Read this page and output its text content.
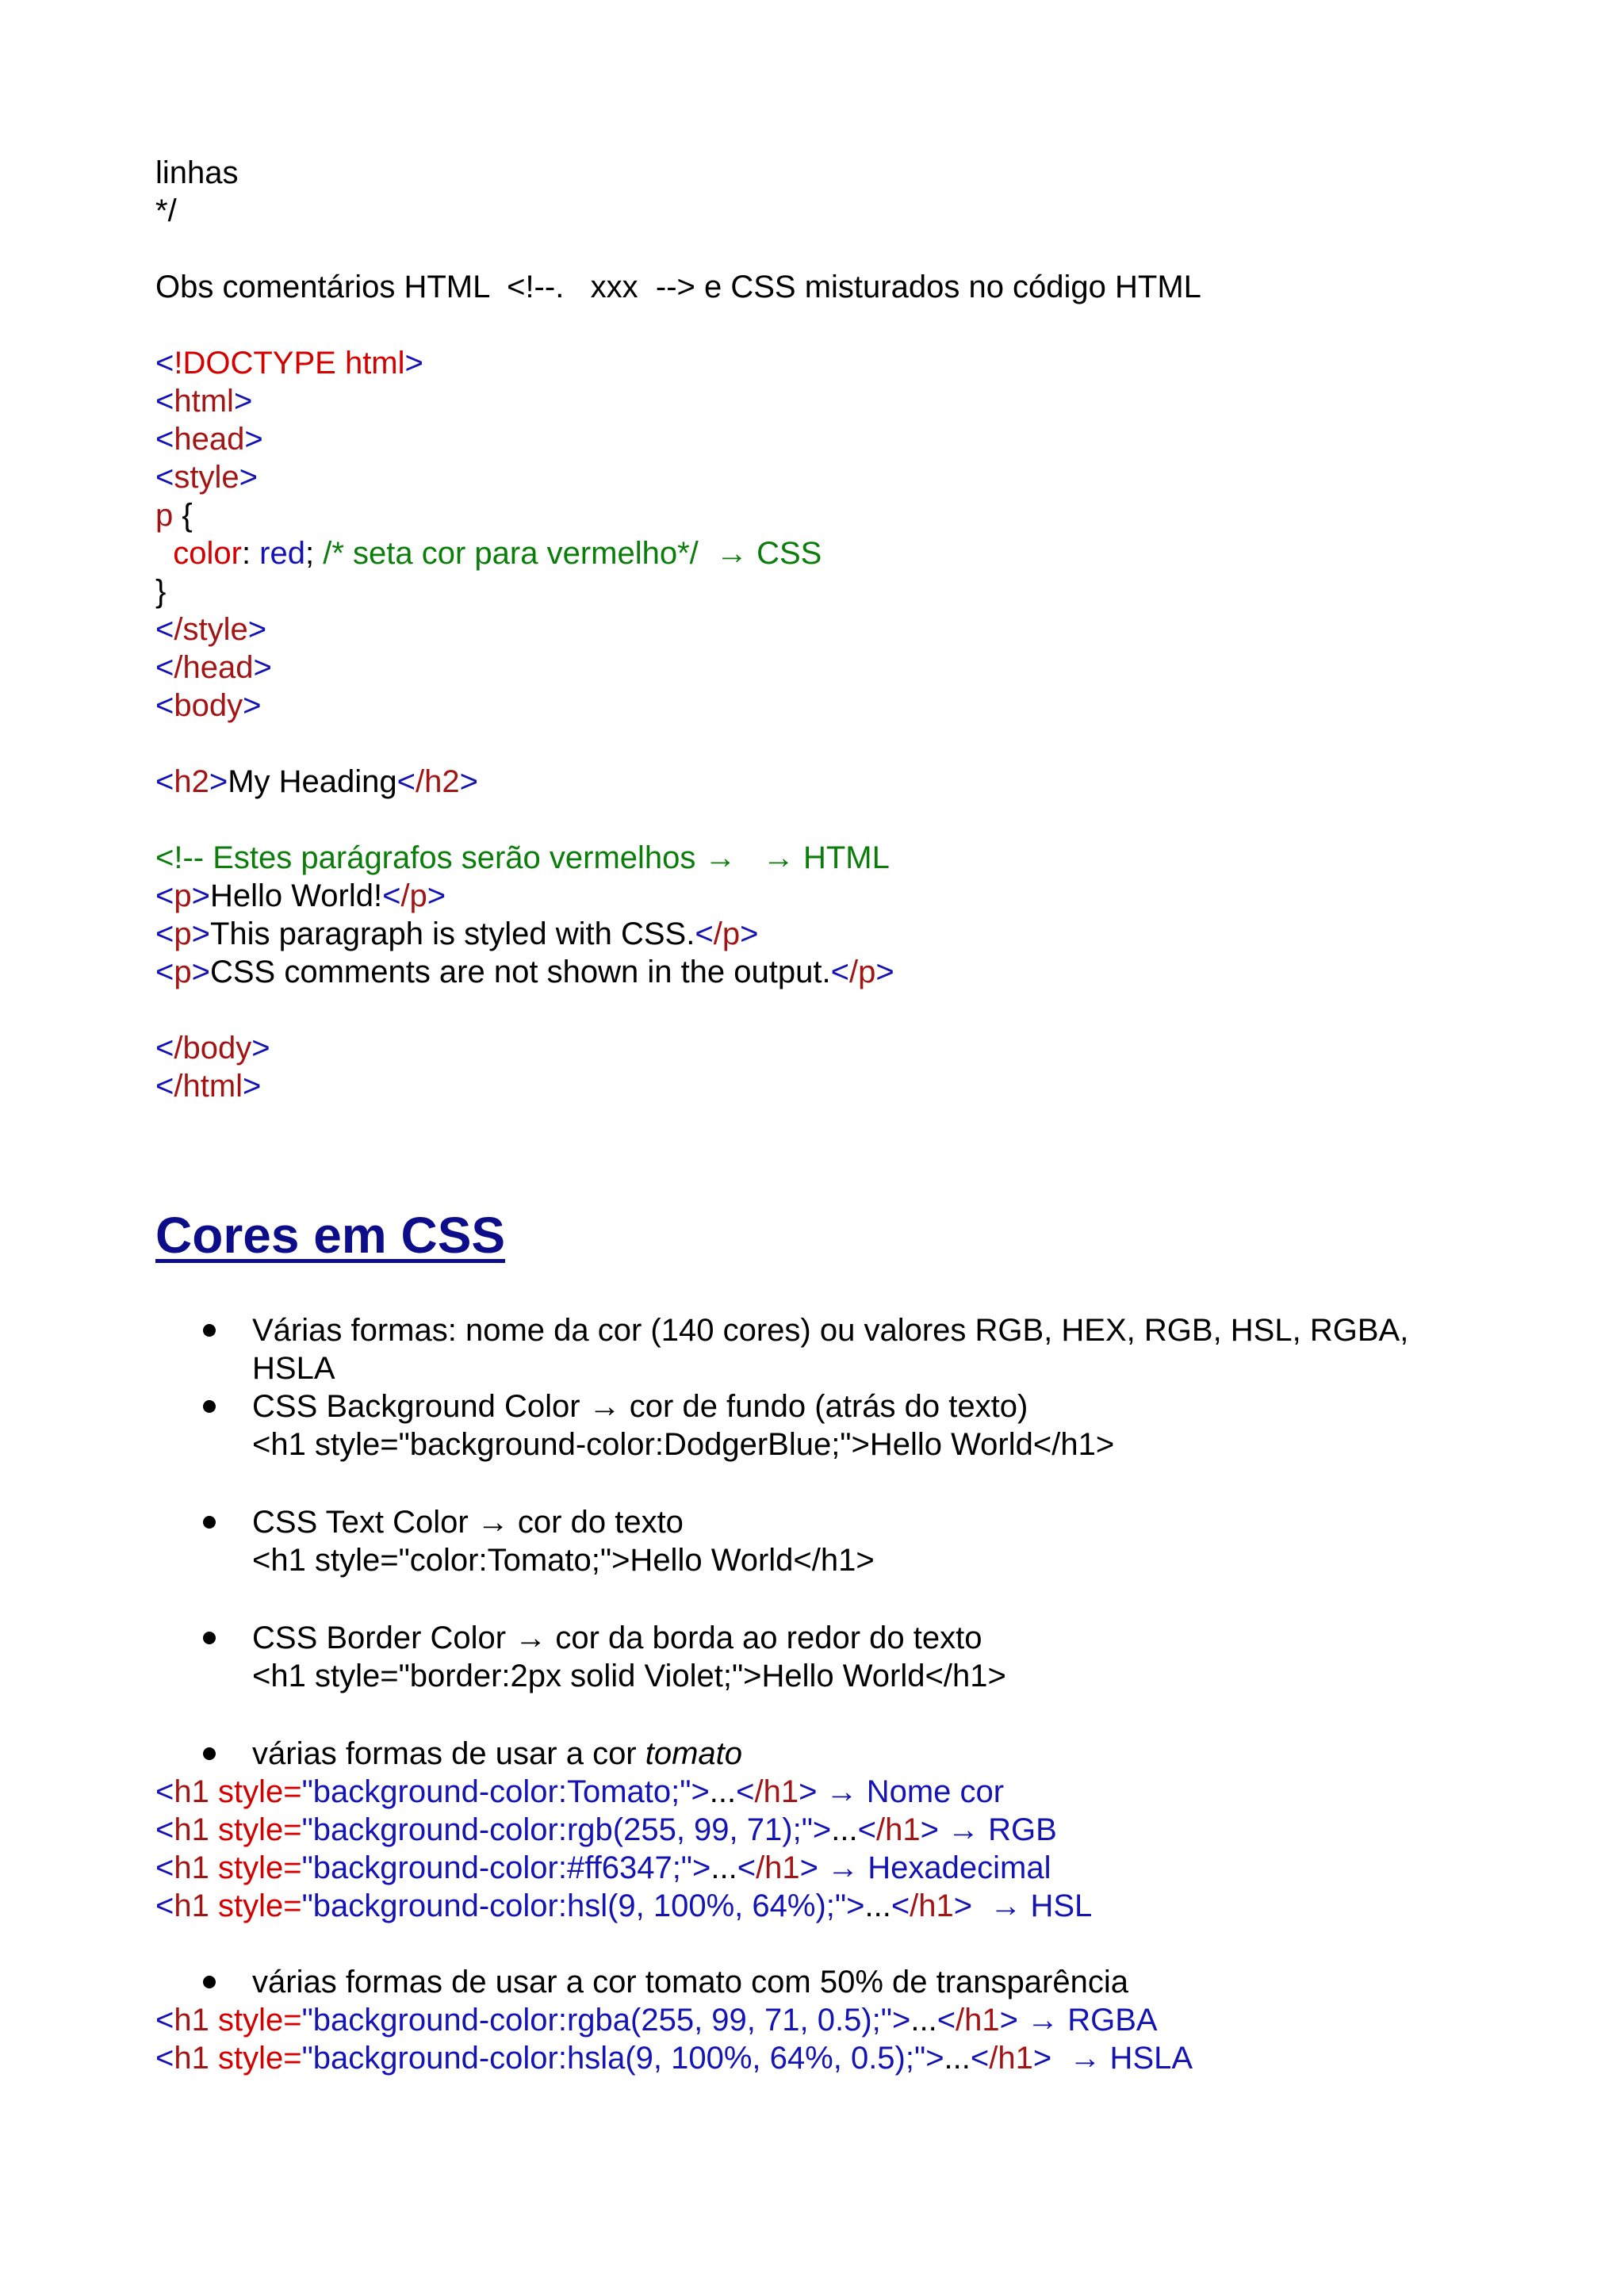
linhas

*/

Obs comentários HTML  <!--.   xxx  --> e CSS misturados no código HTML

<!DOCTYPE html>

<html>

<head>

<style>

p {

color: red; /* seta cor para vermelho*/  → CSS

}

</style>

</head>

<body>

<h2>My Heading</h2>

<!-- Estes parágrafos serão vermelhos →   → HTML

<p>Hello World!</p>

<p>This paragraph is styled with CSS.</p>

<p>CSS comments are not shown in the output.</p>

</body>

</html>

Cores em CSS

Várias formas: nome da cor (140 cores) ou valores RGB, HEX, RGB, HSL, RGBA,

HSLA

CSS Background Color → cor de fundo (atrás do texto)

<h1 style="background-color:DodgerBlue;">Hello World</h1>

CSS Text Color → cor do texto

<h1 style="color:Tomato;">Hello World</h1>

CSS Border Color → cor da borda ao redor do texto

<h1 style="border:2px solid Violet;">Hello World</h1>

várias formas de usar a cor tomato

<h1 style="background-color:Tomato;">...</h1> → Nome cor

<h1 style="background-color:rgb(255, 99, 71);">...</h1> → RGB

<h1 style="background-color:#ff6347;">...</h1> → Hexadecimal

<h1 style="background-color:hsl(9, 100%, 64%);">...</h1>  → HSL

várias formas de usar a cor tomato com 50% de transparência

<h1 style="background-color:rgba(255, 99, 71, 0.5);">...</h1> → RGBA

<h1 style="background-color:hsla(9, 100%, 64%, 0.5);">...</h1>  → HSLA
